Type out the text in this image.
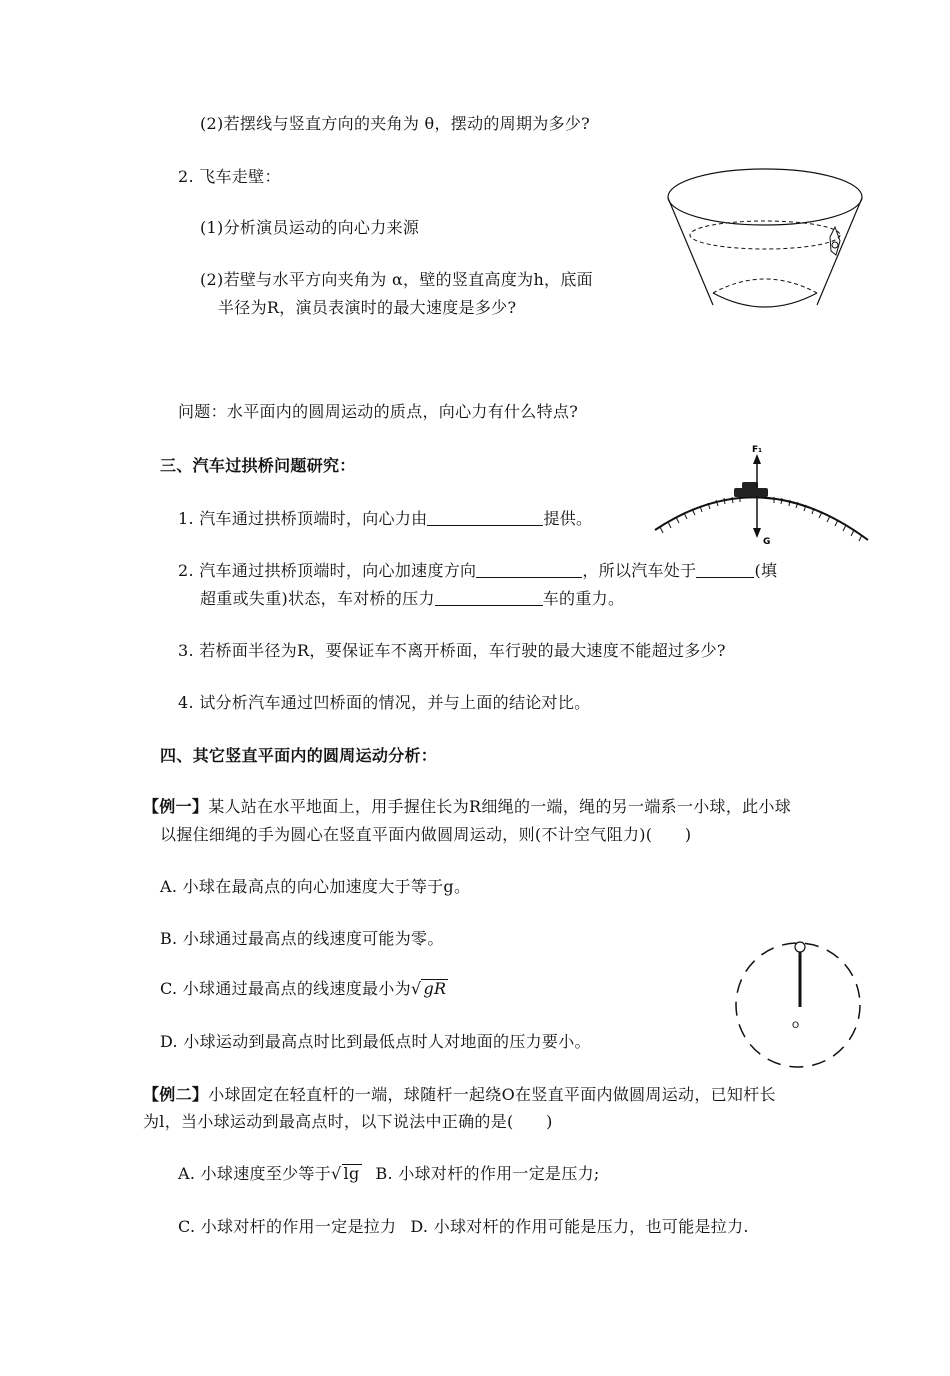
(2)若摆线与竖直方向的夹角为 θ，摆动的周期为多少?
2. 飞车走壁：
(1)分析演员运动的向心力来源
(2)若壁与水平方向夹角为 α，壁的竖直高度为h，底面
半径为R，演员表演时的最大速度是多少?
问题：水平面内的圆周运动的质点，向心力有什么特点?
三、汽车过拱桥问题研究：
1. 汽车通过拱桥顶端时，向心力由	提供。
2. 汽车通过拱桥顶端时，向心加速度方向	，所以汽车处于	(填
超重或失重)状态，车对桥的压力	车的重力。
3. 若桥面半径为R，要保证车不离开桥面，车行驶的最大速度不能超过多少?
4. 试分析汽车通过凹桥面的情况，并与上面的结论对比。
F₁
G
四、其它竖直平面内的圆周运动分析：
【例一】某人站在水平地面上，用手握住长为R细绳的一端，绳的另一端系一小球，此小球
以握住细绳的手为圆心在竖直平面内做圆周运动，则(不计空气阻力)(　　)
A. 小球在最高点的向心加速度大于等于g。
B. 小球通过最高点的线速度可能为零。
C. 小球通过最高点的线速度最小为√ gR
D. 小球运动到最高点时比到最低点时人对地面的压力要小。
O
【例二】小球固定在轻直杆的一端，球随杆一起绕O在竖直平面内做圆周运动，已知杆长
为l，当小球运动到最高点时，以下说法中正确的是(　　)
A. 小球速度至少等于√ lg B. 小球对杆的作用一定是压力;
C. 小球对杆的作用一定是拉力 D. 小球对杆的作用可能是压力，也可能是拉力.
